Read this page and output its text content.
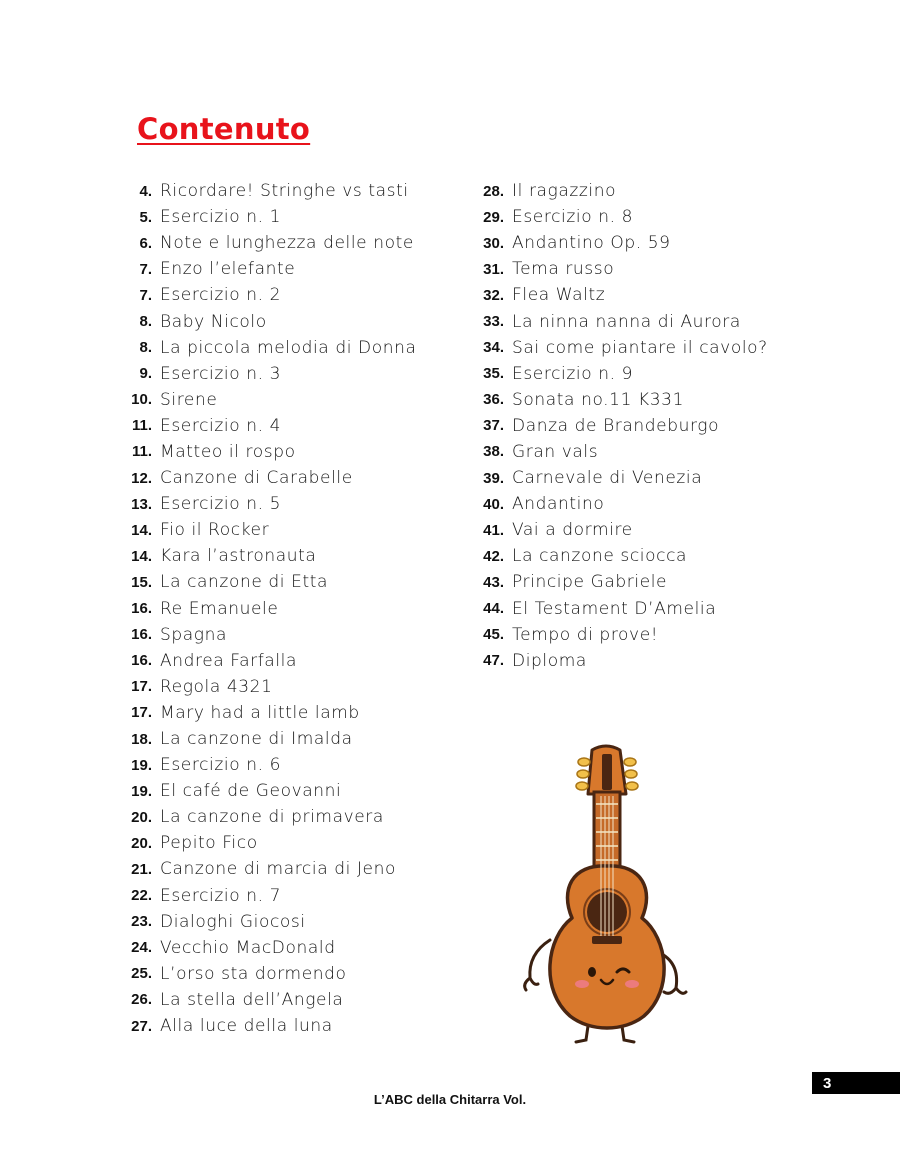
Contenuto
4. Ricordare! Stringhe vs tasti
5. Esercizio n. 1
6. Note e lunghezza delle note
7. Enzo l’elefante
7. Esercizio n. 2
8. Baby Nicolo
8. La piccola melodia di Donna
9. Esercizio n. 3
10. Sirene
11. Esercizio n. 4
11. Matteo il rospo
12. Canzone di Carabelle
13. Esercizio n. 5
14. Fio il Rocker
14. Kara l’astronauta
15. La canzone di Etta
16. Re Emanuele
16. Spagna
16. Andrea Farfalla
17. Regola 4321
17. Mary had a little lamb
18. La canzone di Imalda
19. Esercizio n. 6
19. El café de Geovanni
20. La canzone di primavera
20. Pepito Fico
21. Canzone di marcia di Jeno
22. Esercizio n. 7
23. Dialoghi Giocosi
24. Vecchio MacDonald
25. L’orso sta dormendo
26. La stella dell’Angela
27. Alla luce della luna
28. Il ragazzino
29. Esercizio n. 8
30. Andantino Op. 59
31. Tema russo
32. Flea Waltz
33. La ninna nanna di Aurora
34. Sai come piantare il cavolo?
35. Esercizio n. 9
36. Sonata no.11 K331
37. Danza de Brandeburgo
38. Gran vals
39. Carnevale di Venezia
40. Andantino
41. Vai a dormire
42. La canzone sciocca
43. Principe Gabriele
44. El Testament D’Amelia
45. Tempo di prove!
47. Diploma
3
L’ABC della Chitarra Vol.
